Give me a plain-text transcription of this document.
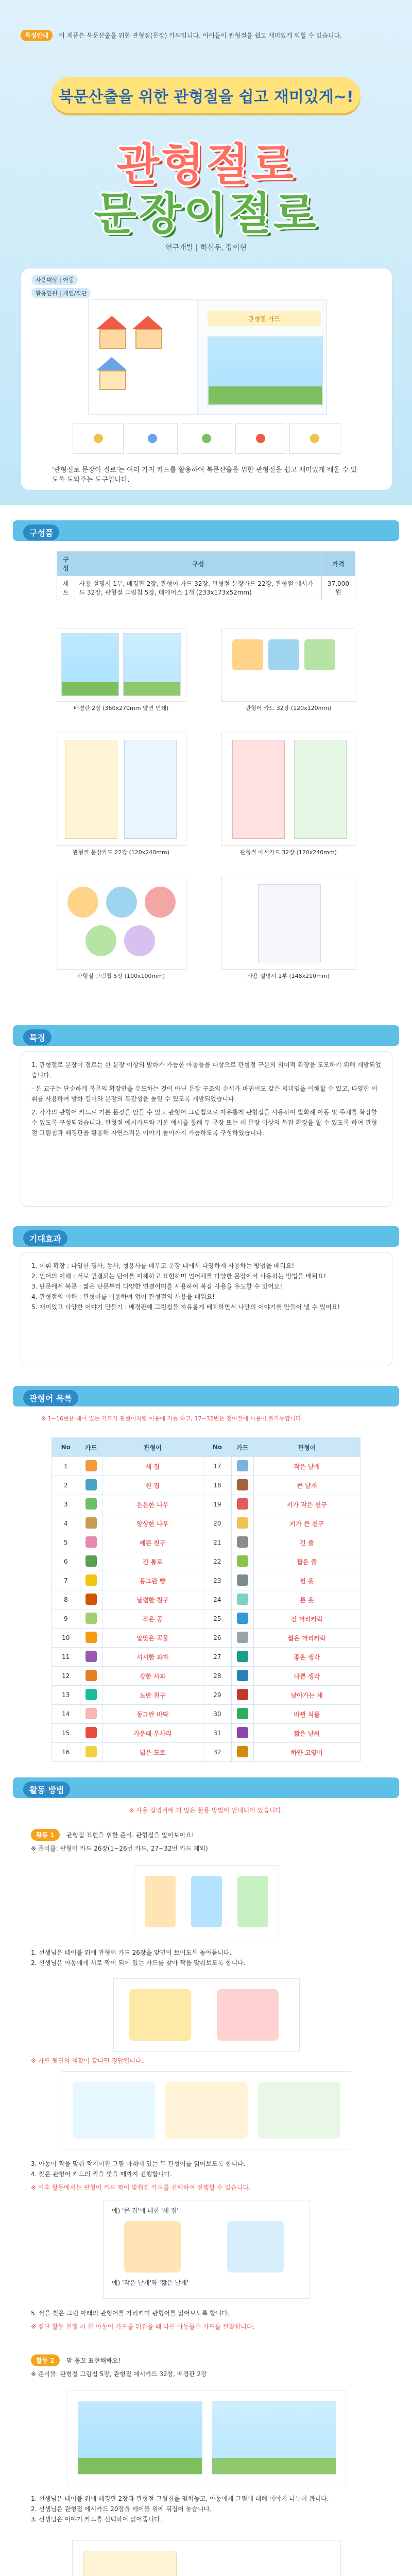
특징안내 이 제품은 북문산출을 위한 관형절(문장) 카드입니다. 아이들이 관형절을 쉽고 재미있게 익힐 수 있습니다.
북문산출을 위한 관형절을 쉽고 재미있게~!
관형절로
문장이절로
연구개발 | 허선우, 장이현
사용대상 | 아동
활용인원 | 개인/집단
관형절 카드
'관형절로 문장이 절로'는 여러 가지 카드를 활용하여 북문산출을 위한 관형절을 쉽고 재미있게 배울 수 있도록 도와주는 도구입니다.
구성품
구성	구성	가격
세트	사용 설명서 1부, 배경판 2장, 관형어 카드 32장, 관형절 문장카드 22장, 관형절 에서카드 32장, 관형절 그림칩 5장, 데에어스 1개 (233x173x52mm)	37,000원
배경판 2장 (360x270mm 양면 인쇄)	관형어 카드 32장 (120x120mm)
관형절 문장카드 22장 (120x240mm)	관형절 에서카드 32장 (120x240mm)
관형절 그림칩 5장 (100x100mm)	사용 설명서 1부 (148x210mm)
특징
1. 관형절로 문장이 절로는 한 문장 이상의 발화가 가능한 아동들을 대상으로 관형절 구문의 의미적 확장을 도모하기 위해 개발되었습니다.
- 본 교구는 단순하게 복문의 확장만을 유도하는 것이 아닌 문장 구조의 순서가 바뀌어도 같은 의미임을 이해할 수 있고, 다양한 어휘를 사용하여 발화 길이와 문장의 복잡성을 높일 수 있도록 개발되었습니다.
2. 각각의 관형어 카드로 기본 문장을 만들 수 있고 관형어 그림칩으로 자유롭게 관형절을 사용하여 발화해 아동 및 주체를 확장할 수 있도록 구성되었습니다. 관형절 에시카드와 기본 예시를 통해 두 문장 또는 세 문장 이상의 복잡 확장을 할 수 있도록 하여 관형절 그림칩과 배경판을 활용해 자연스러운 이야기 놀이까지 가능하도록 구성하였습니다.
기대효과
1. 어휘 확장 : 다양한 명사, 동사, 형용사를 배우고 문장 내에서 다양하게 사용하는 방법을 배워요!
2. 언어의 이해 : 서로 연결되는 단어를 이해하고 표현하며 언어체를 다양한 문장에서 사용하는 방법을 배워요!
3. 단문에서 복문 : 짧은 단문부터 다양한 연결어미를 사용하여 복잡 사용을 유도할 수 있어요!
4. 관형절의 이해 : 관형어를 이용하여 업어 관형절의 사용을 배워요!
5. 재미있고 다양한 이야기 만들기 : 배경판에 그림칩을 자유롭게 배치하면서 나만의 이야기를 만들어 낼 수 있어요!
관형어 목록
※ 1~16번은 제어 있는 카드가 관형어처럼 이용에 가능 하고, 17~32번은 전어절에 사용이 불가능합니다.
No	카드	관형어	No	카드	관형어
1		새 집	17		작은 날개
2		헌 집	18		큰 날개
3		튼튼한 나무	19		키가 작은 친구
4		앙상한 나무	20		키가 큰 친구
5		예쁜 친구	21		긴 줄
6		긴 통로	22		짧은 줄
7		동그란 빵	23		찐 옷
8		날렵한 친구	24		튼 옷
9		작은 공	25		긴 머리카락
10		알맞은 곡물	26		짧은 머리카락
11		시시한 과자	27		좋은 생각
12		강한 사과	28		나쁜 생각
13		노란 친구	29		날아가는 새
14		동그란 바닥	30		바뀐 식물
15		가운데 우사리	31		짧은 날씨
16		넓은 도로	32		하얀 고양이
활동 방법
※ 사용 설명서에 더 많은 활용 방법이 안내되어 있습니다.
활동 1 관형절 표현을 위한 준비. 관형절을 알아보아요!
※ 준비물: 관형어 카드 26장(1~26번 카드, 27~32번 카드 제외)
1. 선생님은 테이블 위에 관형어 카드 26장을 앞면이 보이도록 놓아둡니다.
2. 선생님은 아동에게 서로 짝이 되어 있는 카드를 찾아 짝을 맞춰보도록 합니다.
※ 카드 뒷면의 색깔이 같다면 정답입니다.
3. 아동이 짝을 맞춰 짝지어진 그림 아래에 있는 두 관형어를 읽어보도록 합니다.
4. 찾은 관형어 카드의 짝을 맞을 때까지 진행합니다.
※ 이후 활동에서는 관형어 카드 짝이 맞춰진 카드를 선택하여 진행할 수 있습니다.
예) '큰 집'에 대한 '새 집'
예) '작은 날개'와 '짧은 날개'
5. 짝을 찾은 그림 아래의 관형어를 가리키며 관형어를 읽어보도록 합니다.
※ 집단 활동 진행 시 한 아동이 카드를 뒤집을 때 다른 아동들은 카드를 관찰합니다.
활동 2 말 꽁꼬 표현해봐요!
※ 준비물: 관형절 그림칩 5장, 관형절 에시카드 32장, 배경판 2장
1. 선생님은 테이블 위에 배경판 2장과 관형절 그림칩을 펼쳐놓고, 아동에게 그림에 대해 이야기 나누어 봅니다.
2. 선생님은 관형절 에시카드 20장을 테이블 위에 뒤집어 놓습니다.
3. 선생님은 이야기 카드를 선택하여 읽어줍니다.
